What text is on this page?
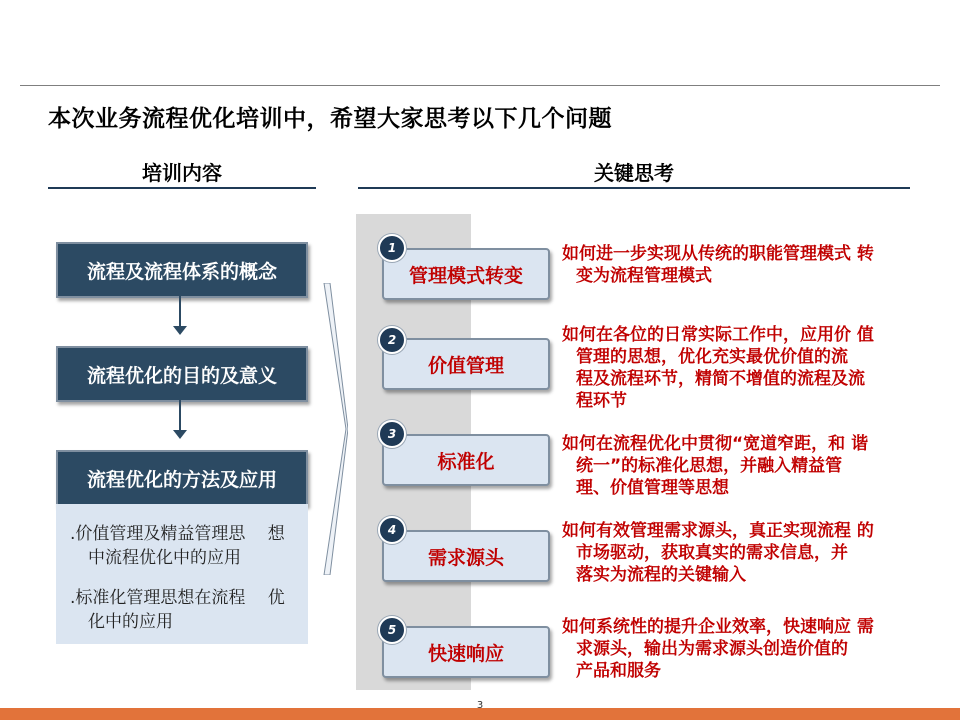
本次业务流程优化培训中，希望大家思考以下几个问题
培训内容
流程及流程体系的概念
流程优化的目的及意义
流程优化的方法及应用
.价值管理及精益管理思　 想
中流程优化中的应用
.标准化管理思想在流程　 优
化中的应用
关键思考
管理模式转变
1	如何进一步实现从传统的职能管理模式 转
变为流程管理模式
价值管理
2	如何在各位的日常实际工作中，应用价 值
管理的思想，优化充实最优价值的流
程及流程环节，精简不增值的流程及流
程环节
标准化
3	如何在流程优化中贯彻“宽道窄距，和 谐
统一”的标准化思想，并融入精益管
理、价值管理等思想
需求源头
4	如何有效管理需求源头，真正实现流程 的
市场驱动，获取真实的需求信息，并
落实为流程的关键输入
快速响应
5	如何系统性的提升企业效率，快速响应 需
求源头，输出为需求源头创造价值的
产品和服务
3
